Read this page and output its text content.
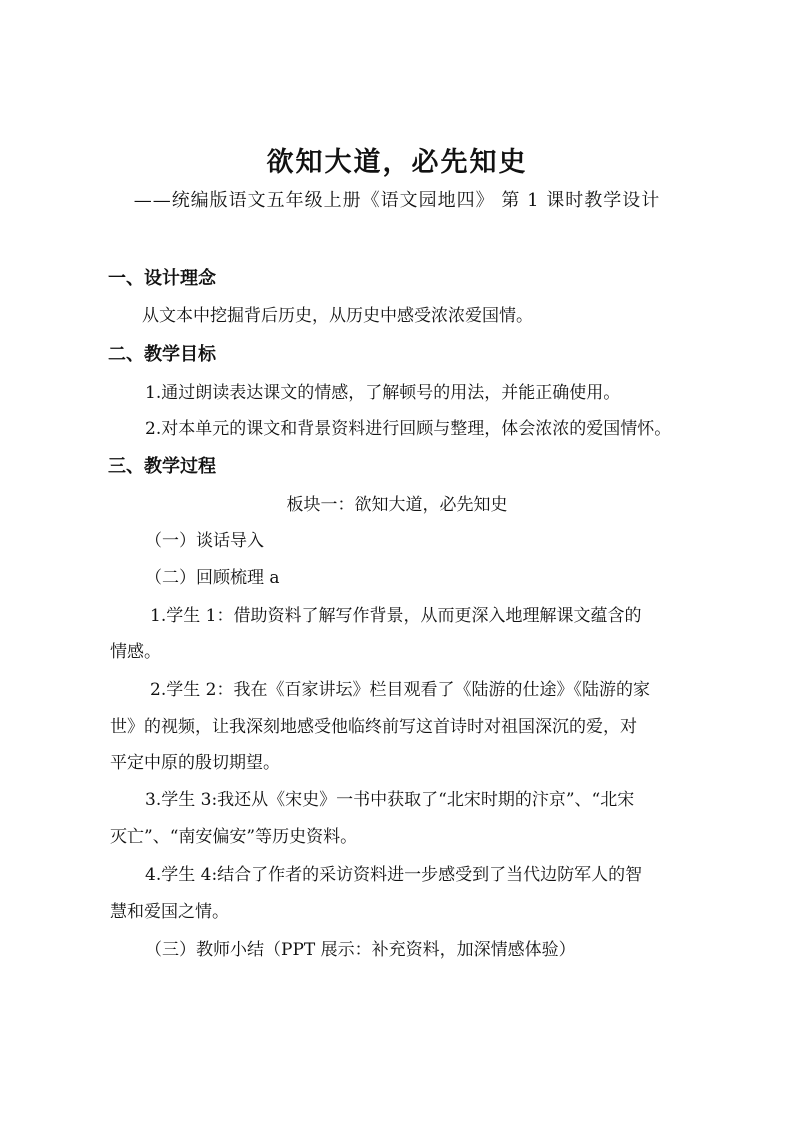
欲知大道，必先知史

——统编版语文五年级上册《语文园地四》 第 1 课时教学设计

一、设计理念

从文本中挖掘背后历史，从历史中感受浓浓爱国情。

二、教学目标

1.通过朗读表达课文的情感，了解顿号的用法，并能正确使用。

2.对本单元的课文和背景资料进行回顾与整理，体会浓浓的爱国情怀。

三、教学过程

板块一：欲知大道，必先知史

（一）谈话导入

（二）回顾梳理 a

1.学生 1：借助资料了解写作背景，从而更深入地理解课文蕴含的

情感。

2.学生 2：我在《百家讲坛》栏目观看了《陆游的仕途》《陆游的家

世》的视频，让我深刻地感受他临终前写这首诗时对祖国深沉的爱，对

平定中原的殷切期望。

3.学生 3:我还从《宋史》一书中获取了“北宋时期的汴京”、“北宋

灭亡”、“南安偏安”等历史资料。

4.学生 4:结合了作者的采访资料进一步感受到了当代边防军人的智

慧和爱国之情。

（三）教师小结（PPT 展示：补充资料，加深情感体验）
